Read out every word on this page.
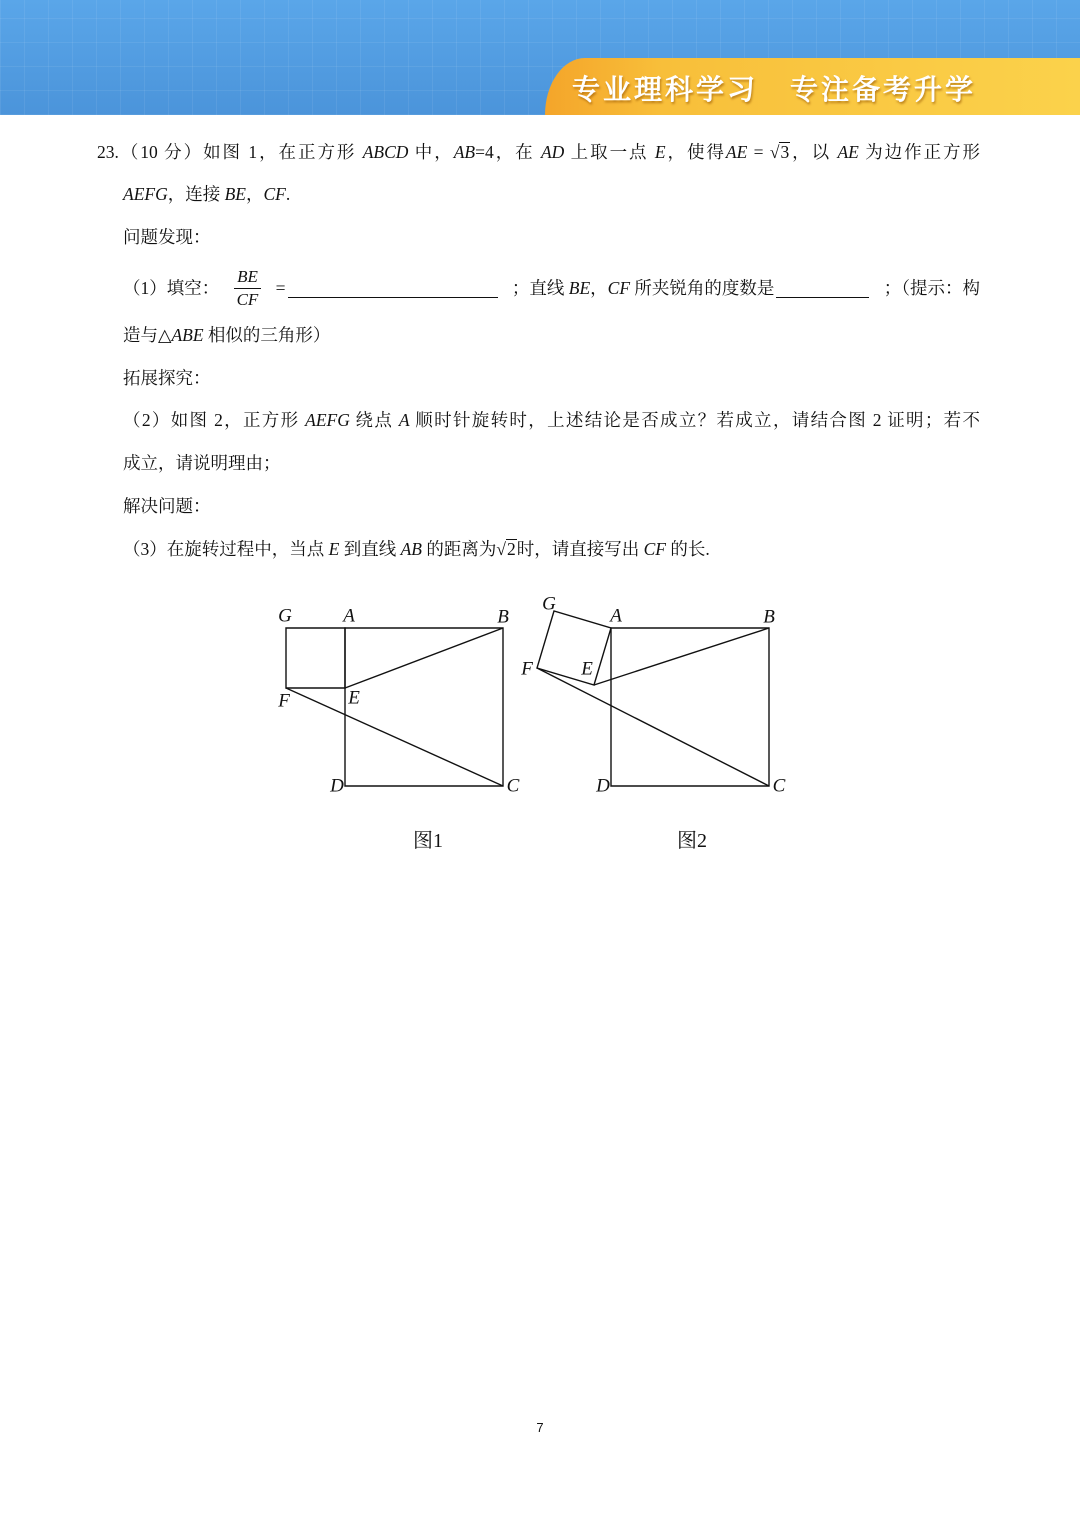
专业理科学习 专注备考升学
23.（10 分）如图 1，在正方形 ABCD 中，AB=4，在 AD 上取一点 E，使得AE = √3，以 AE 为边作正方形
AEFG，连接 BE，CF.
问题发现：
（1）填空： $\frac{BE}{CF}$ =	；直线 BE，CF 所夹锐角的度数是	；（提示：构
造与△ABE 相似的三角形）
拓展探究：
（2）如图 2，正方形 AEFG 绕点 A 顺时针旋转时，上述结论是否成立？若成立，请结合图 2 证明；若不
成立，请说明理由；
解决问题：
（3）在旋转过程中，当点 E 到直线 AB 的距离为√2时，请直接写出 CF 的长.
G	A	B
F	E
D	C
图1
G
A	B
F	E
D	C
图2
7
